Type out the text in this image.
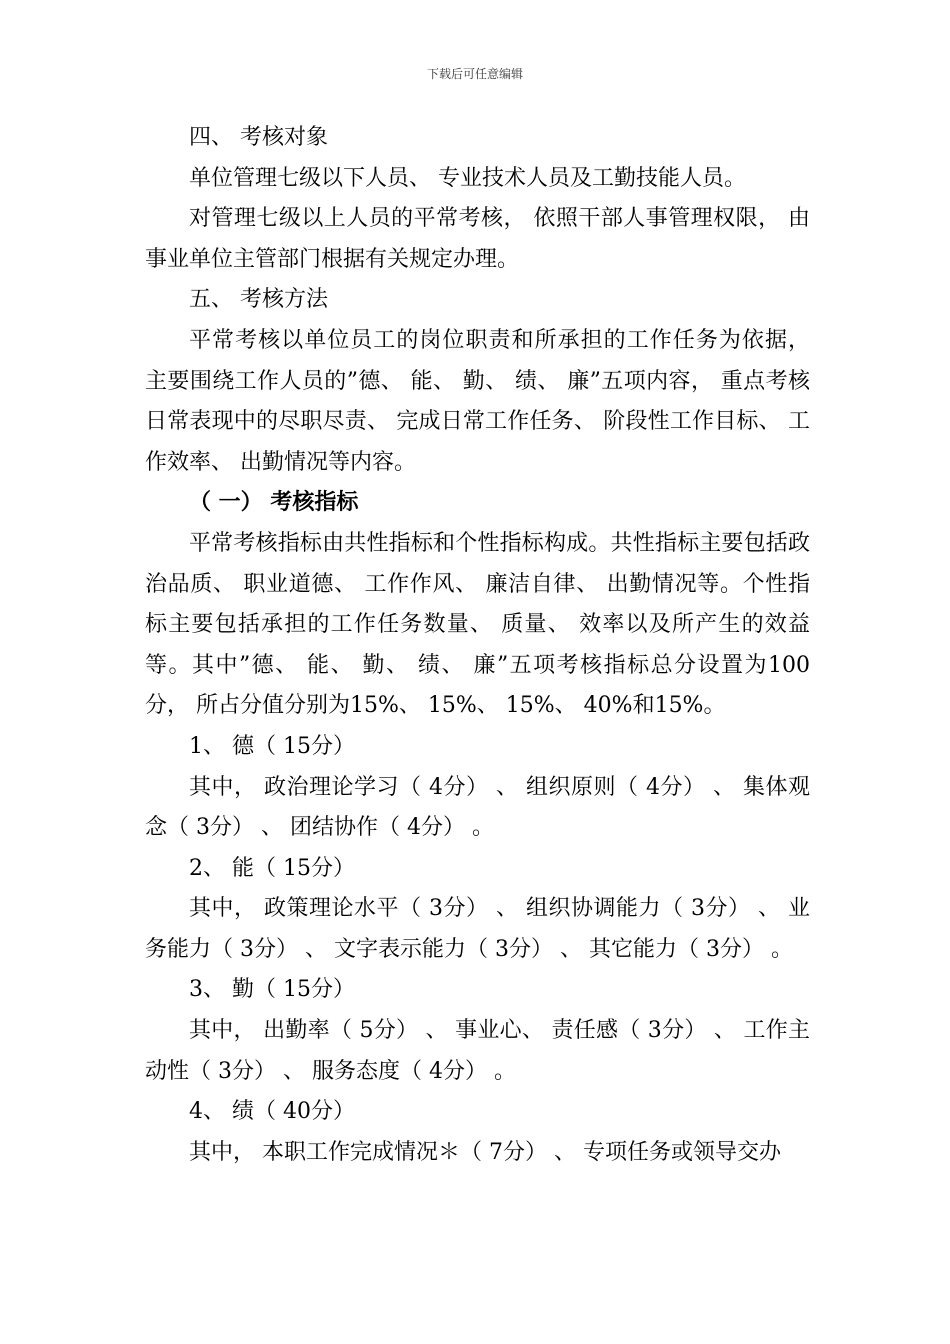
下载后可任意编辑

四、 考核对象

单位管理七级以下人员、 专业技术人员及工勤技能人员。

对管理七级以上人员的平常考核， 依照干部人事管理权限， 由事业单位主管部门根据有关规定办理。

五、 考核方法

平常考核以单位员工的岗位职责和所承担的工作任务为依据， 主要围绕工作人员的”德、 能、 勤、 绩、 廉”五项内容， 重点考核日常表现中的尽职尽责、 完成日常工作任务、 阶段性工作目标、 工作效率、 出勤情况等内容。

（ 一） 考核指标

平常考核指标由共性指标和个性指标构成。共性指标主要包括政治品质、 职业道德、 工作作风、 廉洁自律、 出勤情况等。个性指标主要包括承担的工作任务数量、 质量、 效率以及所产生的效益等。其中”德、 能、 勤、 绩、 廉”五项考核指标总分设置为100 分， 所占分值分别为15%、 15%、 15%、 40%和15%。

1、 德（ 15分）

其中， 政治理论学习（ 4分） 、 组织原则（ 4分） 、 集体观念（ 3分） 、 团结协作（ 4分） 。

2、 能（ 15分）

其中， 政策理论水平（ 3分） 、 组织协调能力（ 3分） 、 业务能力（ 3分） 、 文字表示能力（ 3分） 、 其它能力（ 3分） 。

3、 勤（ 15分）

其中， 出勤率（ 5分） 、 事业心、 责任感（ 3分） 、 工作主动性（ 3分） 、 服务态度（ 4分） 。

4、 绩（ 40分）

其中， 本职工作完成情况＊（ 7分） 、 专项任务或领导交办
